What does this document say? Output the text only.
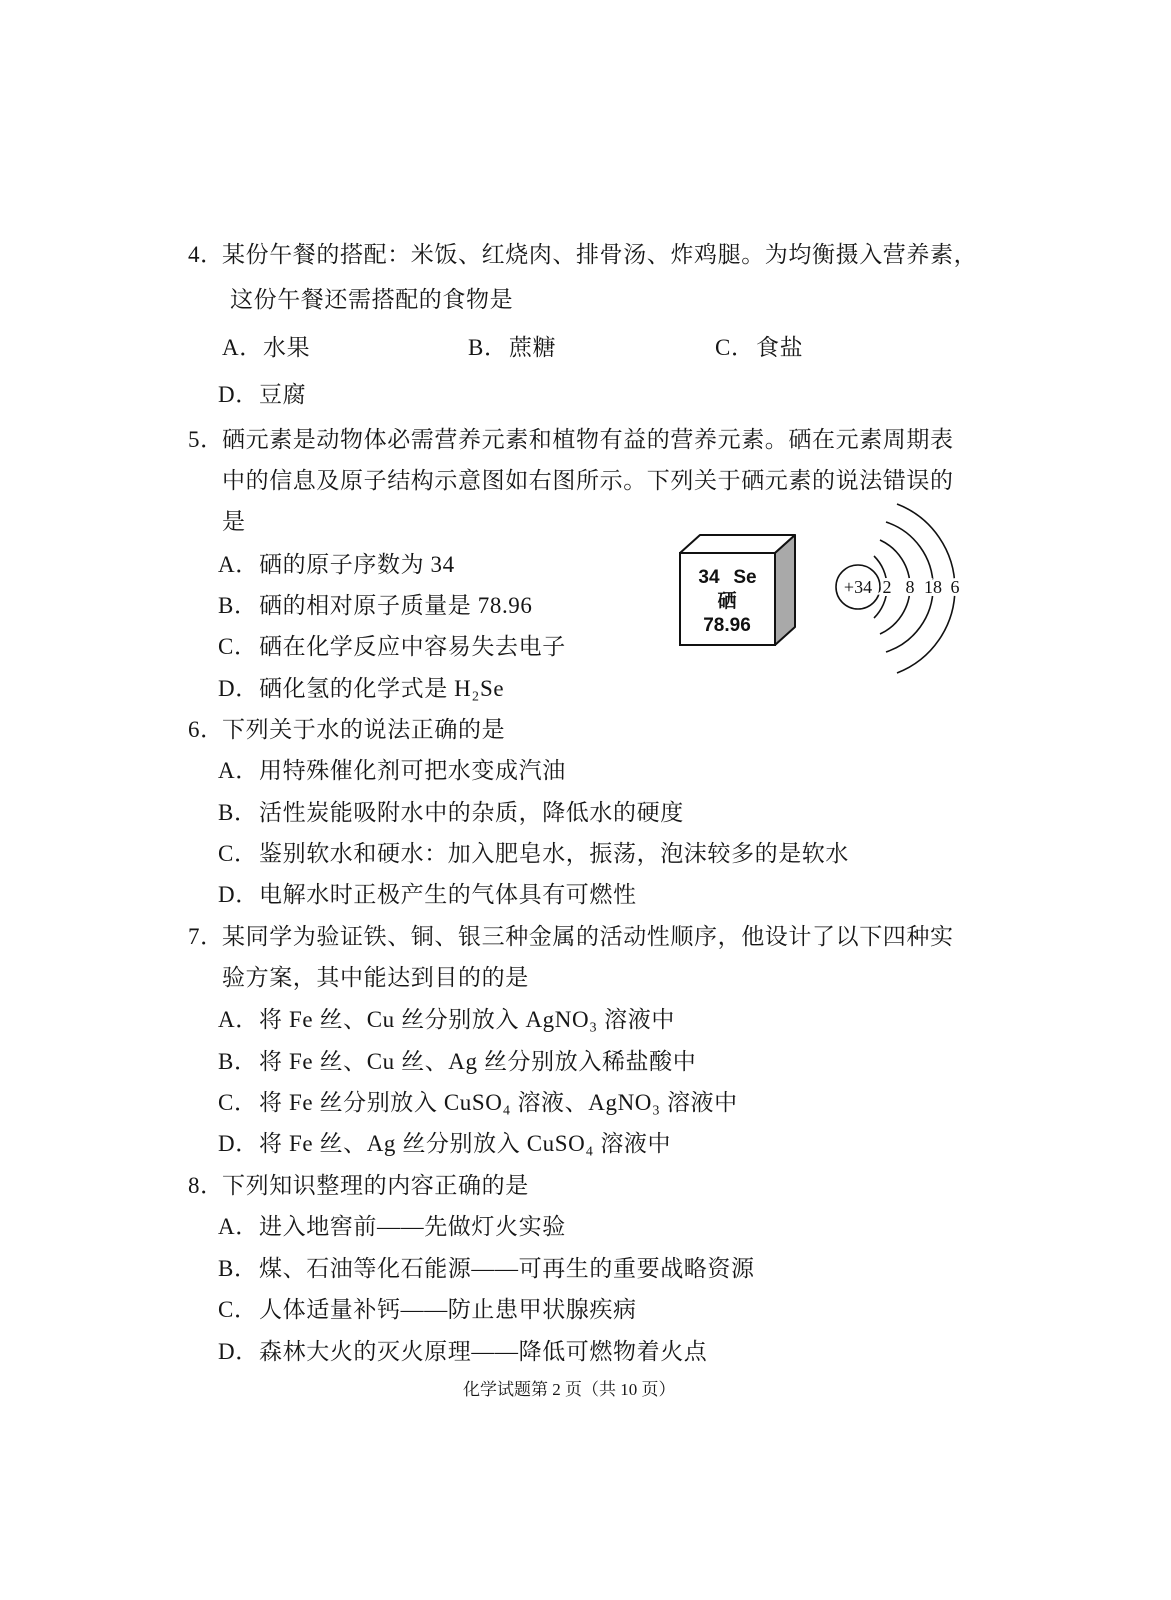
4．某份午餐的搭配：米饭、红烧肉、排骨汤、炸鸡腿。为均衡摄入营养素，
这份午餐还需搭配的食物是
A．水果	B．蔗糖	C．食盐
D．豆腐
5．硒元素是动物体必需营养元素和植物有益的营养元素。硒在元素周期表
中的信息及原子结构示意图如右图所示。下列关于硒元素的说法错误的
是
A．硒的原子序数为 34
B．硒的相对原子质量是 78.96
C．硒在化学反应中容易失去电子
D．硒化氢的化学式是 H₂Se
34 Se
硒
78.96
+34 2 8 18 6
6．下列关于水的说法正确的是
A．用特殊催化剂可把水变成汽油
B．活性炭能吸附水中的杂质，降低水的硬度
C．鉴别软水和硬水：加入肥皂水，振荡，泡沫较多的是软水
D．电解水时正极产生的气体具有可燃性
7．某同学为验证铁、铜、银三种金属的活动性顺序，他设计了以下四种实
验方案，其中能达到目的的是
A．将 Fe 丝、Cu 丝分别放入 AgNO₃ 溶液中
B．将 Fe 丝、Cu 丝、Ag 丝分别放入稀盐酸中
C．将 Fe 丝分别放入 CuSO₄ 溶液、AgNO₃ 溶液中
D．将 Fe 丝、Ag 丝分别放入 CuSO₄ 溶液中
8．下列知识整理的内容正确的是
A．进入地窖前——先做灯火实验
B．煤、石油等化石能源——可再生的重要战略资源
C．人体适量补钙——防止患甲状腺疾病
D．森林大火的灭火原理——降低可燃物着火点
化学试题第 2 页（共 10 页）
